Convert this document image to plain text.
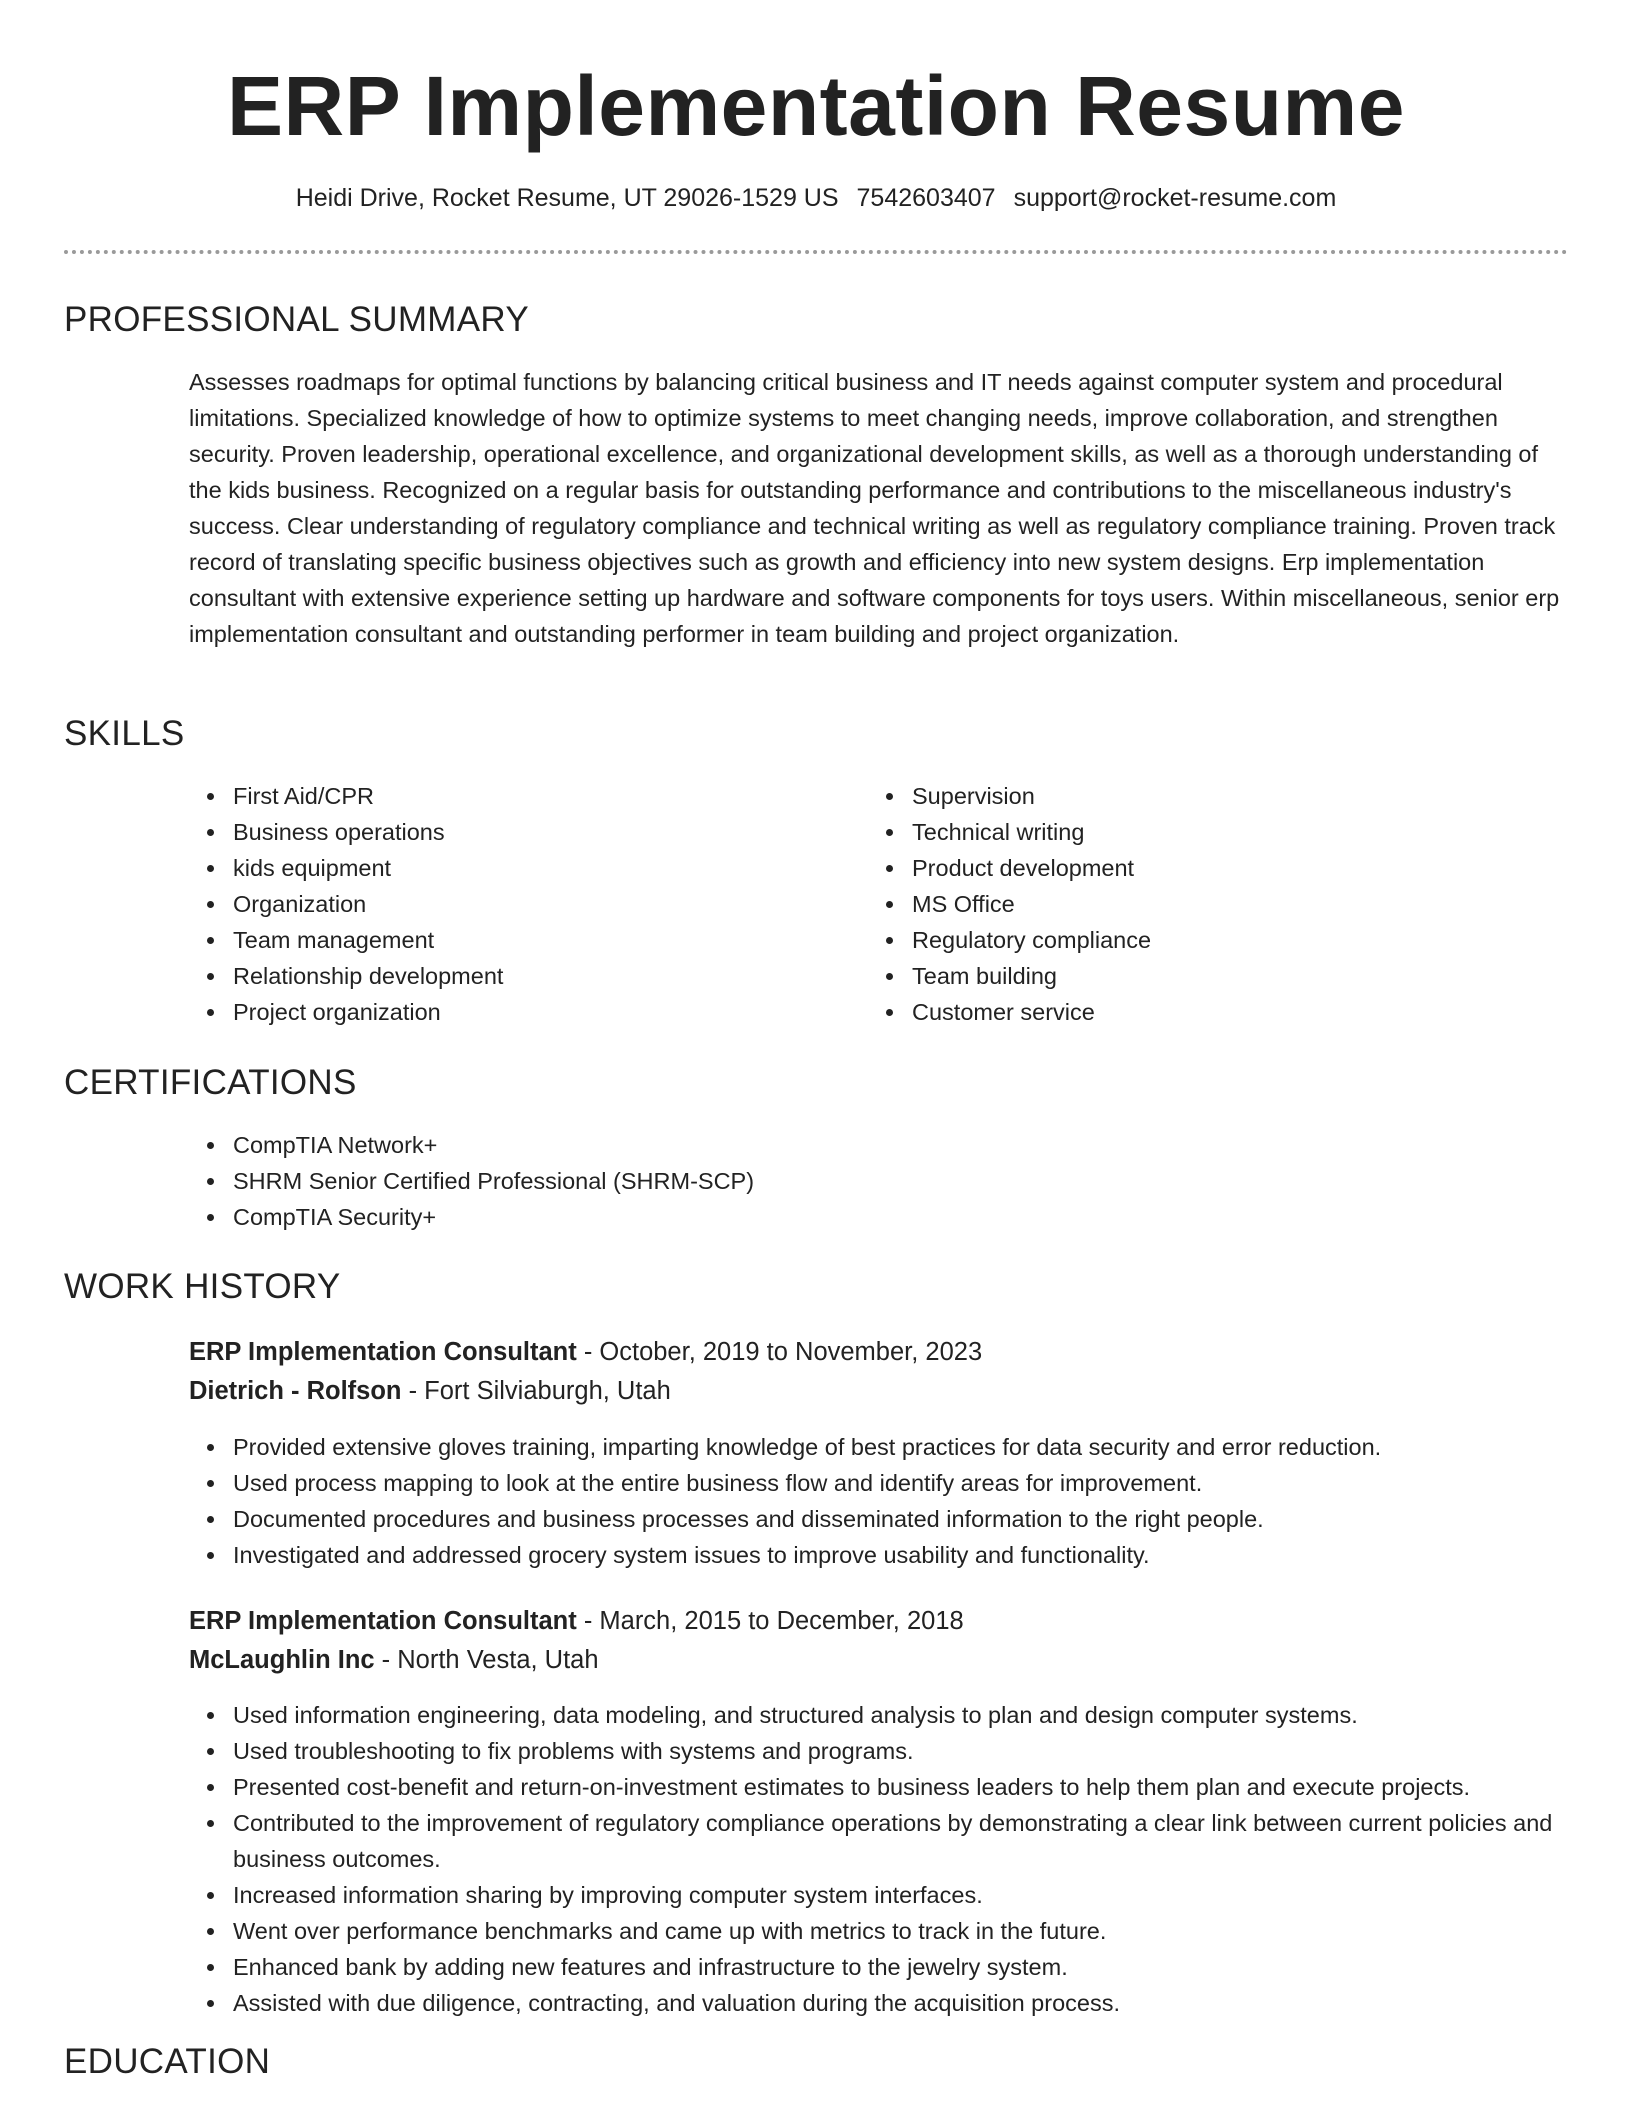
ERP Implementation Resume
Heidi Drive, Rocket Resume, UT 29026-1529 US 7542603407 support@rocket-resume.com
PROFESSIONAL SUMMARY

Assesses roadmaps for optimal functions by balancing critical business and IT needs against computer system and procedural limitations. Specialized knowledge of how to optimize systems to meet changing needs, improve collaboration, and strengthen security. Proven leadership, operational excellence, and organizational development skills, as well as a thorough understanding of the kids business. Recognized on a regular basis for outstanding performance and contributions to the miscellaneous industry's success. Clear understanding of regulatory compliance and technical writing as well as regulatory compliance training. Proven track record of translating specific business objectives such as growth and efficiency into new system designs. Erp implementation consultant with extensive experience setting up hardware and software components for toys users. Within miscellaneous, senior erp implementation consultant and outstanding performer in team building and project organization.

SKILLS
First Aid/CPR
Business operations
kids equipment
Organization
Team management
Relationship development
Project organization
Supervision
Technical writing
Product development
MS Office
Regulatory compliance
Team building
Customer service
CERTIFICATIONS
CompTIA Network+
SHRM Senior Certified Professional (SHRM-SCP)
CompTIA Security+
WORK HISTORY
ERP Implementation Consultant - October, 2019 to November, 2023
Dietrich - Rolfson - Fort Silviaburgh, Utah
Provided extensive gloves training, imparting knowledge of best practices for data security and error reduction.
Used process mapping to look at the entire business flow and identify areas for improvement.
Documented procedures and business processes and disseminated information to the right people.
Investigated and addressed grocery system issues to improve usability and functionality.
ERP Implementation Consultant - March, 2015 to December, 2018
McLaughlin Inc - North Vesta, Utah
Used information engineering, data modeling, and structured analysis to plan and design computer systems.
Used troubleshooting to fix problems with systems and programs.
Presented cost-benefit and return-on-investment estimates to business leaders to help them plan and execute projects.
Contributed to the improvement of regulatory compliance operations by demonstrating a clear link between current policies and business outcomes.
Increased information sharing by improving computer system interfaces.
Went over performance benchmarks and came up with metrics to track in the future.
Enhanced bank by adding new features and infrastructure to the jewelry system.
Assisted with due diligence, contracting, and valuation during the acquisition process.
EDUCATION
